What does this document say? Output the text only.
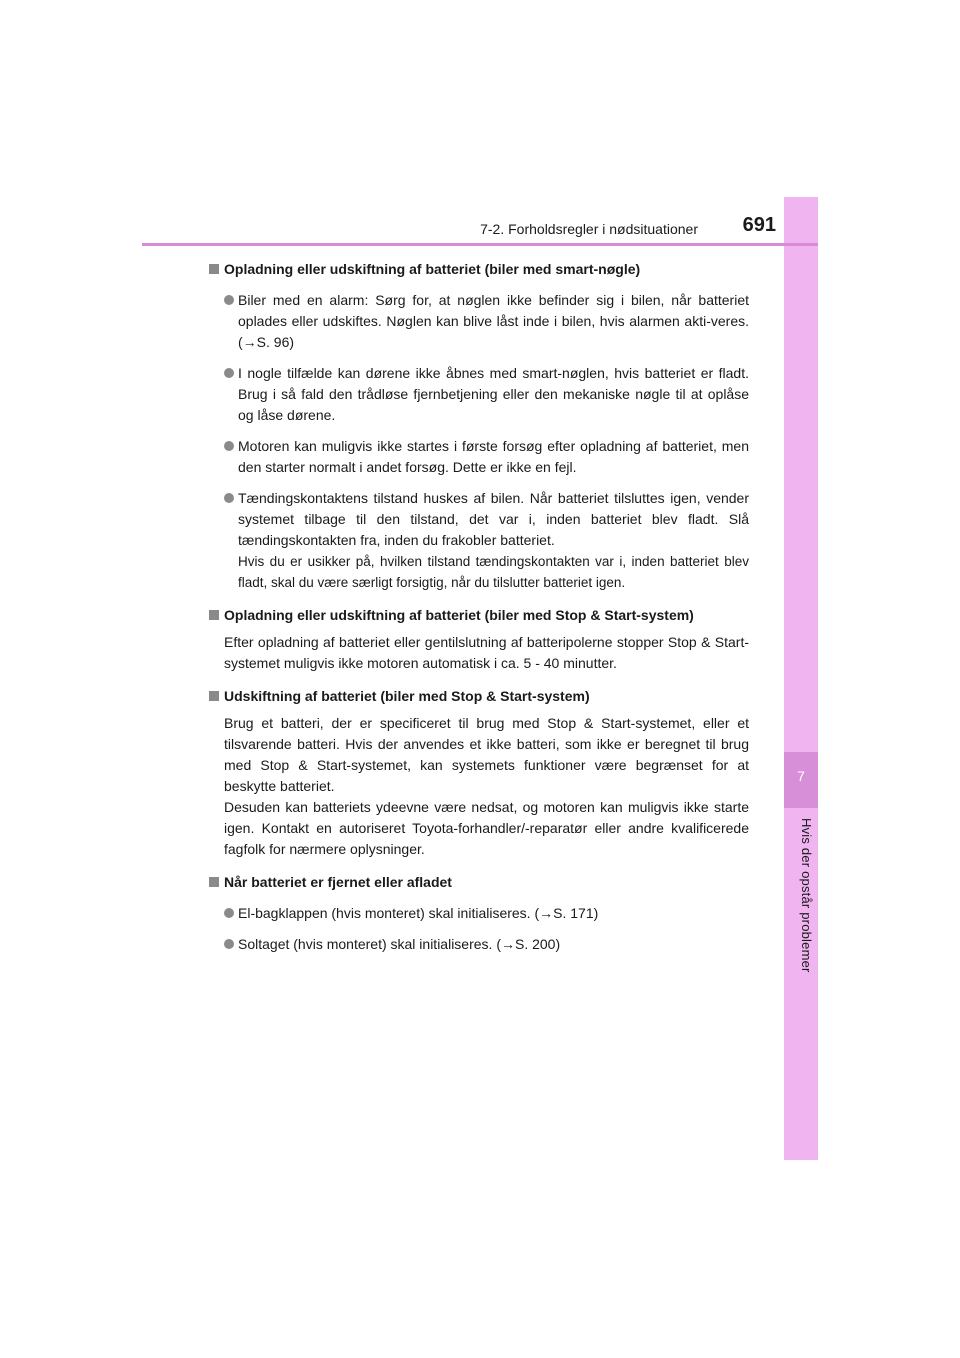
7
Hvis der opstår problemer
7-2. Forholdsregler i nødsituationer	691
Opladning eller udskiftning af batteriet (biler med smart-nøgle)
Biler med en alarm: Sørg for, at nøglen ikke befinder sig i bilen, når batteriet oplades eller udskiftes. Nøglen kan blive låst inde i bilen, hvis alarmen akti-veres. (→S. 96)
I nogle tilfælde kan dørene ikke åbnes med smart-nøglen, hvis batteriet er fladt. Brug i så fald den trådløse fjernbetjening eller den mekaniske nøgle til at oplåse og låse dørene.
Motoren kan muligvis ikke startes i første forsøg efter opladning af batteriet, men den starter normalt i andet forsøg. Dette er ikke en fejl.
Tændingskontaktens tilstand huskes af bilen. Når batteriet tilsluttes igen, vender systemet tilbage til den tilstand, det var i, inden batteriet blev fladt. Slå tændingskontakten fra, inden du frakobler batteriet.
Hvis du er usikker på, hvilken tilstand tændingskontakten var i, inden batteriet blev fladt, skal du være særligt forsigtig, når du tilslutter batteriet igen.
Opladning eller udskiftning af batteriet (biler med Stop & Start-system)
Efter opladning af batteriet eller gentilslutning af batteripolerne stopper Stop & Start-systemet muligvis ikke motoren automatisk i ca. 5 - 40 minutter.
Udskiftning af batteriet (biler med Stop & Start-system)
Brug et batteri, der er specificeret til brug med Stop & Start-systemet, eller et tilsvarende batteri. Hvis der anvendes et ikke batteri, som ikke er beregnet til brug med Stop & Start-systemet, kan systemets funktioner være begrænset for at beskytte batteriet.
Desuden kan batteriets ydeevne være nedsat, og motoren kan muligvis ikke starte igen. Kontakt en autoriseret Toyota-forhandler/-reparatør eller andre kvalificerede fagfolk for nærmere oplysninger.
Når batteriet er fjernet eller afladet
El-bagklappen (hvis monteret) skal initialiseres. (→S. 171)
Soltaget (hvis monteret) skal initialiseres. (→S. 200)
